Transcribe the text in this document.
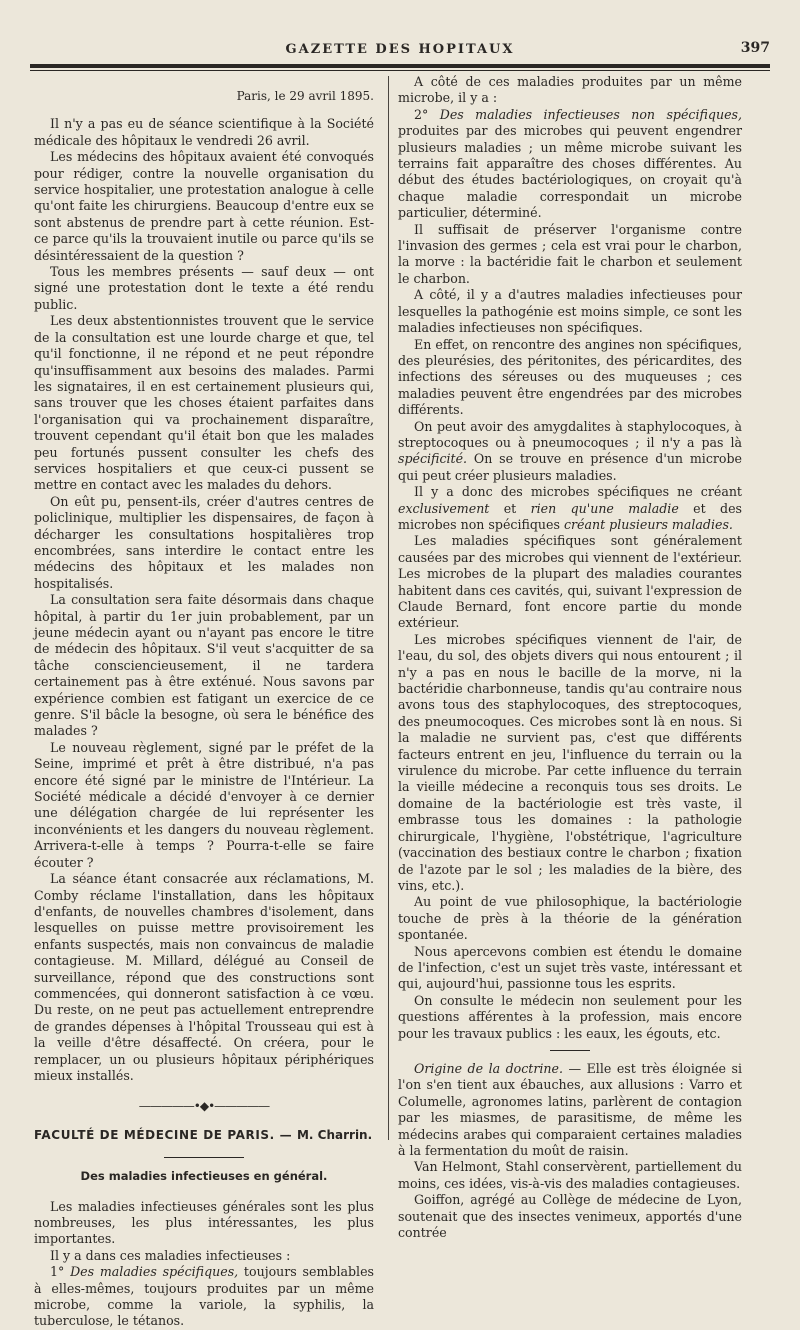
GAZETTE DES HOPITAUX	397

Paris, le 29 avril 1895.

Il n'y a pas eu de séance scientifique à la Société médicale des hôpitaux le vendredi 26 avril.

Les médecins des hôpitaux avaient été convoqués pour rédiger, contre la nouvelle organisation du service hospitalier, une protestation analogue à celle qu'ont faite les chirurgiens. Beaucoup d'entre eux se sont abstenus de prendre part à cette réunion. Est-ce parce qu'ils la trouvaient inutile ou parce qu'ils se désintéressaient de la question ?

Tous les membres présents — sauf deux — ont signé une protestation dont le texte a été rendu public.

Les deux abstentionnistes trouvent que le service de la consultation est une lourde charge et que, tel qu'il fonctionne, il ne répond et ne peut répondre qu'insuffisamment aux besoins des malades. Parmi les signataires, il en est certainement plusieurs qui, sans trouver que les choses étaient parfaites dans l'organisation qui va prochainement disparaître, trouvent cependant qu'il était bon que les malades peu fortunés pussent consulter les chefs des services hospitaliers et que ceux-ci pussent se mettre en contact avec les malades du dehors.

On eût pu, pensent-ils, créer d'autres centres de policlinique, multiplier les dispensaires, de façon à décharger les consultations hospitalières trop encombrées, sans interdire le contact entre les médecins des hôpitaux et les malades non hospitalisés.

La consultation sera faite désormais dans chaque hôpital, à partir du 1er juin probablement, par un jeune médecin ayant ou n'ayant pas encore le titre de médecin des hôpitaux. S'il veut s'acquitter de sa tâche consciencieusement, il ne tardera certainement pas à être exténué. Nous savons par expérience combien est fatigant un exercice de ce genre. S'il bâcle la besogne, où sera le bénéfice des malades ?

Le nouveau règlement, signé par le préfet de la Seine, imprimé et prêt à être distribué, n'a pas encore été signé par le ministre de l'Intérieur. La Société médicale a décidé d'envoyer à ce dernier une délégation chargée de lui représenter les inconvénients et les dangers du nouveau règlement. Arrivera-t-elle à temps ? Pourra-t-elle se faire écouter ?

La séance étant consacrée aux réclamations, M. Comby réclame l'installation, dans les hôpitaux d'enfants, de nouvelles chambres d'isolement, dans lesquelles on puisse mettre provisoirement les enfants suspectés, mais non convaincus de maladie contagieuse. M. Millard, délégué au Conseil de surveillance, répond que des constructions sont commencées, qui donneront satisfaction à ce vœu. Du reste, on ne peut pas actuellement entreprendre de grandes dépenses à l'hôpital Trousseau qui est à la veille d'être désaffecté. On créera, pour le remplacer, un ou plusieurs hôpitaux périphériques mieux installés.

—————•◆•—————
FACULTÉ DE MÉDECINE DE PARIS. — M. Charrin.
Des maladies infectieuses en général.

Les maladies infectieuses générales sont les plus nombreuses, les plus intéressantes, les plus importantes.

Il y a dans ces maladies infectieuses :

1° Des maladies spécifiques, toujours semblables à elles-mêmes, toujours produites par un même microbe, comme la variole, la syphilis, la tuberculose, le tétanos.

A côté de ces maladies produites par un même microbe, il y a :

2° Des maladies infectieuses non spécifiques, produites par des microbes qui peuvent engendrer plusieurs maladies ; un même microbe suivant les terrains fait apparaître des choses différentes. Au début des études bactériologiques, on croyait qu'à chaque maladie correspondait un microbe particulier, déterminé.

Il suffisait de préserver l'organisme contre l'invasion des germes ; cela est vrai pour le charbon, la morve : la bactéridie fait le charbon et seulement le charbon.

A côté, il y a d'autres maladies infectieuses pour lesquelles la pathogénie est moins simple, ce sont les maladies infectieuses non spécifiques.

En effet, on rencontre des angines non spécifiques, des pleurésies, des péritonites, des péricardites, des infections des séreuses ou des muqueuses ; ces maladies peuvent être engendrées par des microbes différents.

On peut avoir des amygdalites à staphylocoques, à streptocoques ou à pneumocoques ; il n'y a pas là spécificité. On se trouve en présence d'un microbe qui peut créer plusieurs maladies.

Il y a donc des microbes spécifiques ne créant exclusivement et rien qu'une maladie et des microbes non spécifiques créant plusieurs maladies.

Les maladies spécifiques sont généralement causées par des microbes qui viennent de l'extérieur. Les microbes de la plupart des maladies courantes habitent dans ces cavités, qui, suivant l'expression de Claude Bernard, font encore partie du monde extérieur.

Les microbes spécifiques viennent de l'air, de l'eau, du sol, des objets divers qui nous entourent ; il n'y a pas en nous le bacille de la morve, ni la bactéridie charbonneuse, tandis qu'au contraire nous avons tous des staphylocoques, des streptocoques, des pneumocoques. Ces microbes sont là en nous. Si la maladie ne survient pas, c'est que différents facteurs entrent en jeu, l'influence du terrain ou la virulence du microbe. Par cette influence du terrain la vieille médecine a reconquis tous ses droits. Le domaine de la bactériologie est très vaste, il embrasse tous les domaines : la pathologie chirurgicale, l'hygiène, l'obstétrique, l'agriculture (vaccination des bestiaux contre le charbon ; fixation de l'azote par le sol ; les maladies de la bière, des vins, etc.).

Au point de vue philosophique, la bactériologie touche de près à la théorie de la génération spontanée.

Nous apercevons combien est étendu le domaine de l'infection, c'est un sujet très vaste, intéressant et qui, aujourd'hui, passionne tous les esprits.

On consulte le médecin non seulement pour les questions afférentes à la profession, mais encore pour les travaux publics : les eaux, les égouts, etc.

Origine de la doctrine. — Elle est très éloignée si l'on s'en tient aux ébauches, aux allusions : Varro et Columelle, agronomes latins, parlèrent de contagion par les miasmes, de parasitisme, de même les médecins arabes qui comparaient certaines maladies à la fermentation du moût de raisin.

Van Helmont, Stahl conservèrent, partiellement du moins, ces idées, vis-à-vis des maladies contagieuses.

Goiffon, agrégé au Collège de médecine de Lyon, soutenait que des insectes venimeux, apportés d'une contrée
